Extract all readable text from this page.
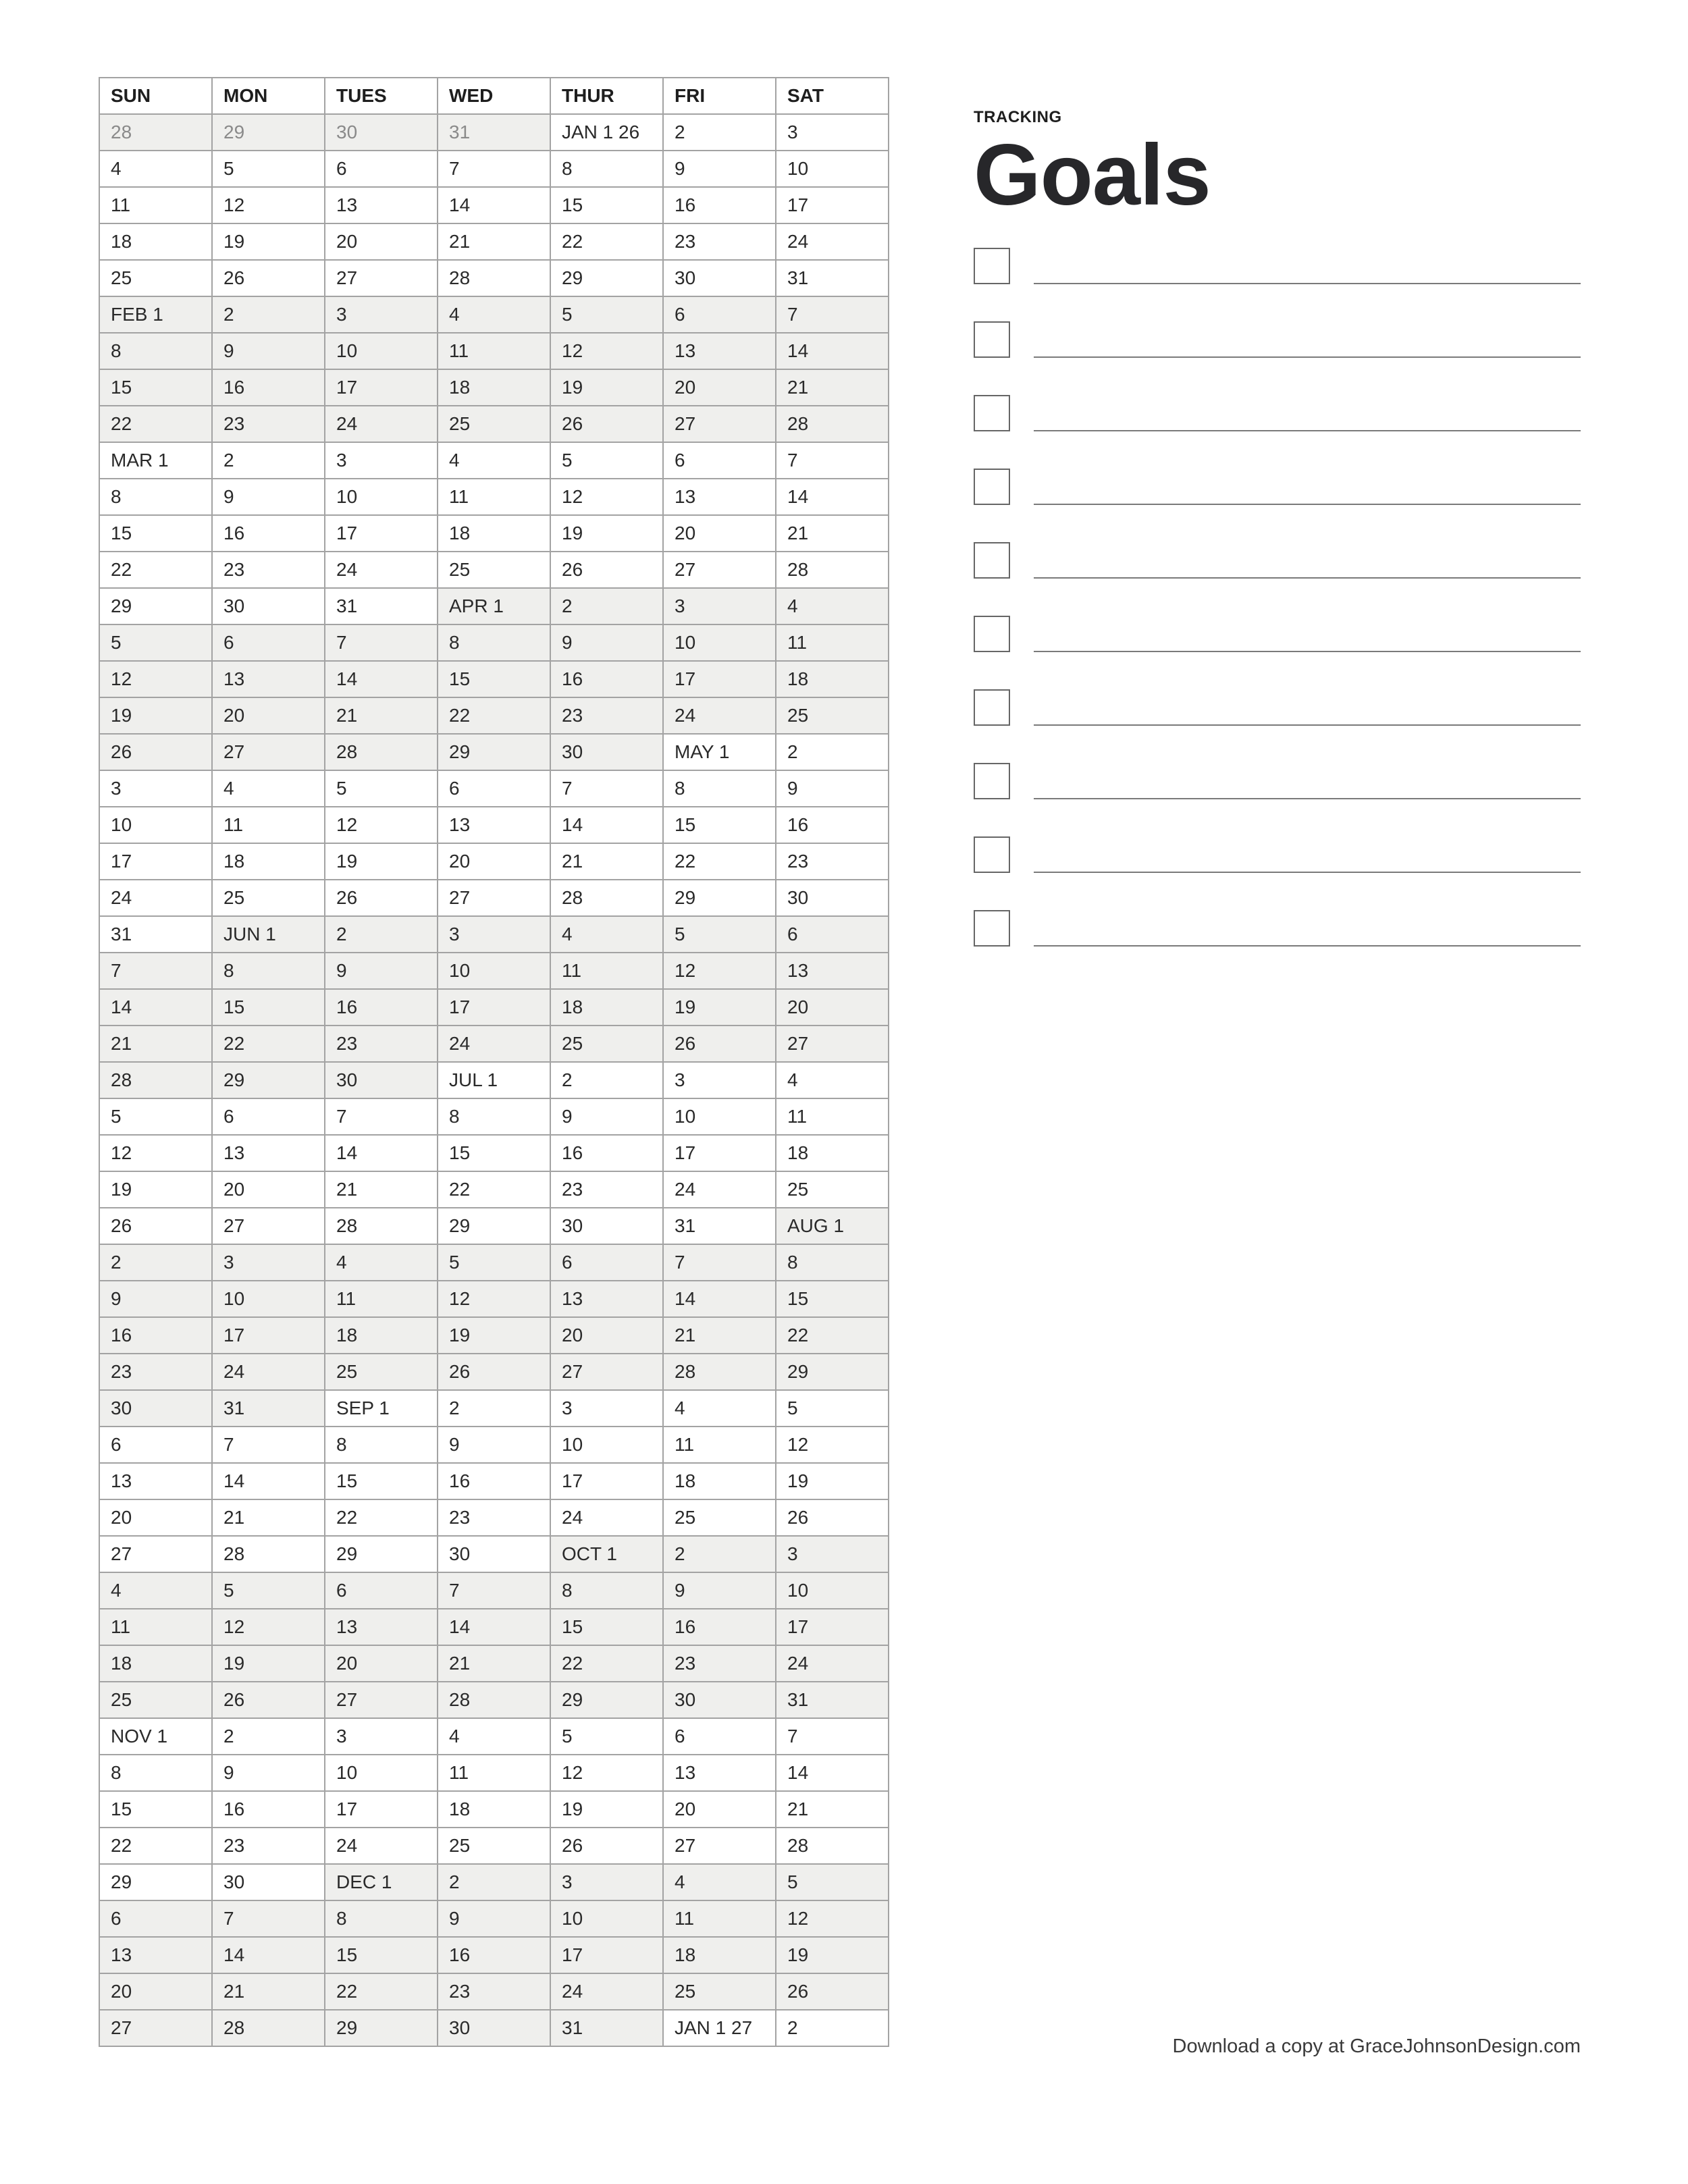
SUN	MON	TUES	WED	THUR	FRI	SAT
28	29	30	31	JAN 1 26	2	3
4	5	6	7	8	9	10
11	12	13	14	15	16	17
18	19	20	21	22	23	24
25	26	27	28	29	30	31
FEB 1	2	3	4	5	6	7
8	9	10	11	12	13	14
15	16	17	18	19	20	21
22	23	24	25	26	27	28
MAR 1	2	3	4	5	6	7
8	9	10	11	12	13	14
15	16	17	18	19	20	21
22	23	24	25	26	27	28
29	30	31	APR 1	2	3	4
5	6	7	8	9	10	11
12	13	14	15	16	17	18
19	20	21	22	23	24	25
26	27	28	29	30	MAY 1	2
3	4	5	6	7	8	9
10	11	12	13	14	15	16
17	18	19	20	21	22	23
24	25	26	27	28	29	30
31	JUN 1	2	3	4	5	6
7	8	9	10	11	12	13
14	15	16	17	18	19	20
21	22	23	24	25	26	27
28	29	30	JUL 1	2	3	4
5	6	7	8	9	10	11
12	13	14	15	16	17	18
19	20	21	22	23	24	25
26	27	28	29	30	31	AUG 1
2	3	4	5	6	7	8
9	10	11	12	13	14	15
16	17	18	19	20	21	22
23	24	25	26	27	28	29
30	31	SEP 1	2	3	4	5
6	7	8	9	10	11	12
13	14	15	16	17	18	19
20	21	22	23	24	25	26
27	28	29	30	OCT 1	2	3
4	5	6	7	8	9	10
11	12	13	14	15	16	17
18	19	20	21	22	23	24
25	26	27	28	29	30	31
NOV 1	2	3	4	5	6	7
8	9	10	11	12	13	14
15	16	17	18	19	20	21
22	23	24	25	26	27	28
29	30	DEC 1	2	3	4	5
6	7	8	9	10	11	12
13	14	15	16	17	18	19
20	21	22	23	24	25	26
27	28	29	30	31	JAN 1 27	2
TRACKING
Goals
Download a copy at GraceJohnsonDesign.com
